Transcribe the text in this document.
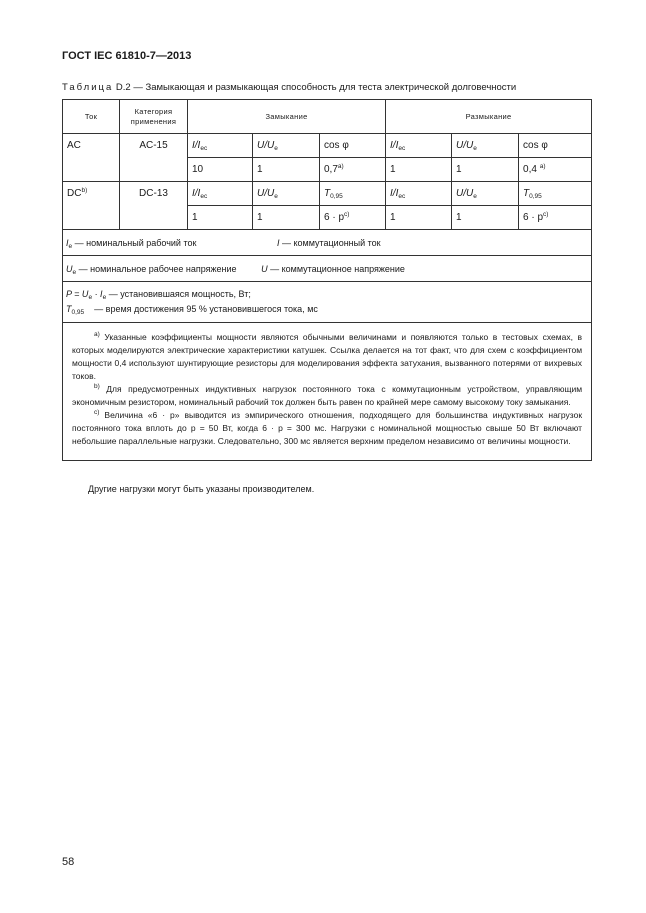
ГОСТ IEC 61810-7—2013
Таблица D.2 — Замыкающая и размыкающая способность для теста электрической долговечности
Ток	Категория применения	Замыкание			Размыкание		
AC	AC-15	$I/I_{ec}$	$U/U_e$	cos φ	$I/I_{ec}$	$U/U_e$	cos φ
		10	1	0,7$^{a)}$	1	1	0,4 $^{a)}$
DC$^{b)}$	DC-13	$I/I_{ec}$	$U/U_e$	$T_{0,95}$	$I/I_{ec}$	$U/U_e$	$T_{0,95}$
		1	1	$6 \cdot p^{c)}$	1	1	$6 \cdot p^{c)}$
$I_e$ — номинальный рабочий ток I — коммутационный ток							
$U_e$ — номинальное рабочее напряжение U — коммутационное напряжение							

$P = U_e \cdot I_e$ — установившаяся мощность, Вт;
$T_{0,95}$ — время достижения 95 % установившегося тока, мс							

$^{a)}$ Указанные коэффициенты мощности являются обычными величинами и появляются только в тестовых схемах, в которых моделируются электрические характеристики катушек. Ссылка делается на тот факт, что для схем с коэффициентом мощности 0,4 используют шунтирующие резисторы для моделирования эффекта затухания, вызванного потерями от вихревых токов.

$^{b)}$ Для предусмотренных индуктивных нагрузок постоянного тока с коммутационным устройством, управляющим экономичным резистором, номинальный рабочий ток должен быть равен по крайней мере самому высокому току замыкания.

$^{c)}$ Величина «6 · p» выводится из эмпирического отношения, подходящего для большинства индуктивных нагрузок постоянного тока вплоть до p = 50 Вт, когда 6 · p = 300 мс. Нагрузки с номинальной мощностью свыше 50 Вт включают небольшие параллельные нагрузки. Следовательно, 300 мс является верхним пределом независимо от величины мощности.							

Другие нагрузки могут быть указаны производителем.
58
